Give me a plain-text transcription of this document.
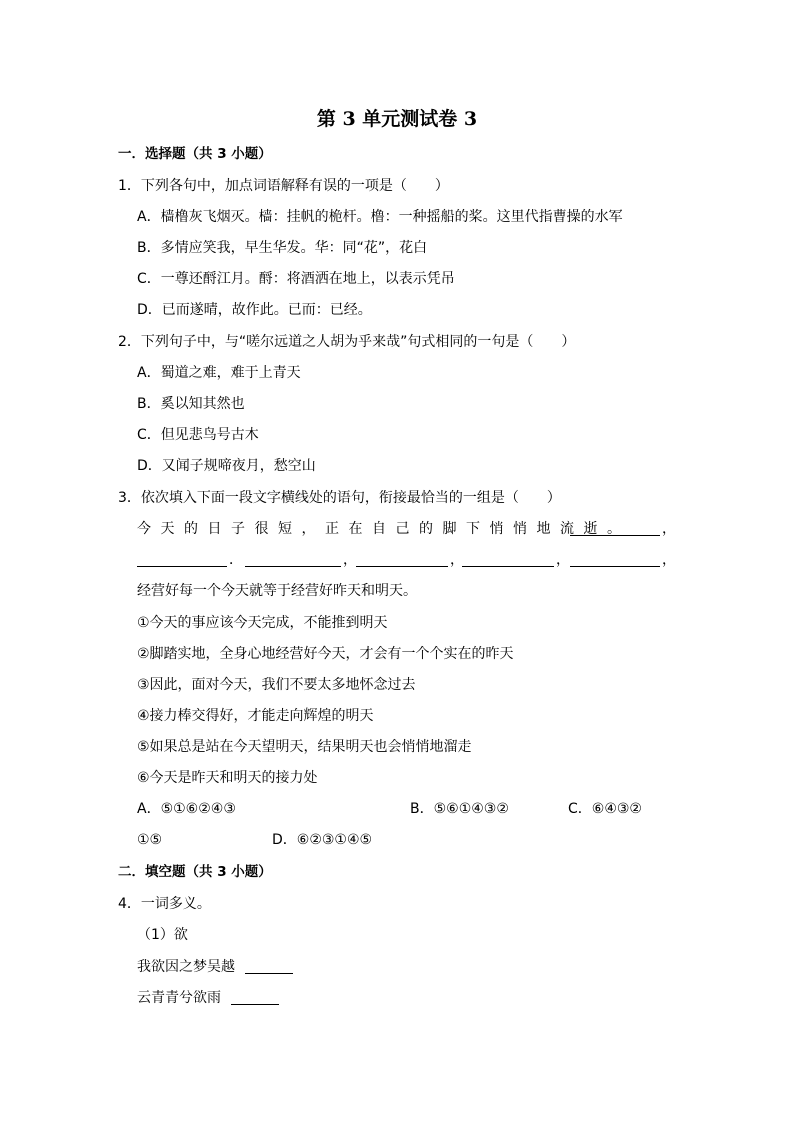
第 3 单元测试卷 3
一．选择题（共 3 小题）
1．下列各句中，加点词语解释有误的一项是（　　）
A．樯橹灰飞烟灭。樯：挂帆的桅杆。橹：一种摇船的桨。这里代指曹操的水军
B．多情应笑我，早生华发。华：同“花”，花白
C．一尊还酹江月。酹：将酒洒在地上，以表示凭吊
D．已而遂晴，故作此。已而：已经。
2．下列句子中，与“嗟尔远道之人胡为乎来哉”句式相同的一句是（　　）
A．蜀道之难，难于上青天
B．奚以知其然也
C．但见悲鸟号古木
D．又闻子规啼夜月，愁空山
3．依次填入下面一段文字横线处的语句，衔接最恰当的一组是（　　）
今天的日子很短，正在自己的脚下悄悄地流逝。 ，
．	，	，	，	，
经营好每一个今天就等于经营好昨天和明天。
①今天的事应该今天完成，不能推到明天
②脚踏实地，全身心地经营好今天，才会有一个个实在的昨天
③因此，面对今天，我们不要太多地怀念过去
④接力棒交得好，才能走向辉煌的明天
⑤如果总是站在今天望明天，结果明天也会悄悄地溜走
⑥今天是昨天和明天的接力处
A．⑤①⑥②④③	B．⑤⑥①④③②	C．⑥④③②
①⑤	D．⑥②③①④⑤
二．填空题（共 3 小题）
4．一词多义。
（1）欲
我欲因之梦吴越
云青青兮欲雨
